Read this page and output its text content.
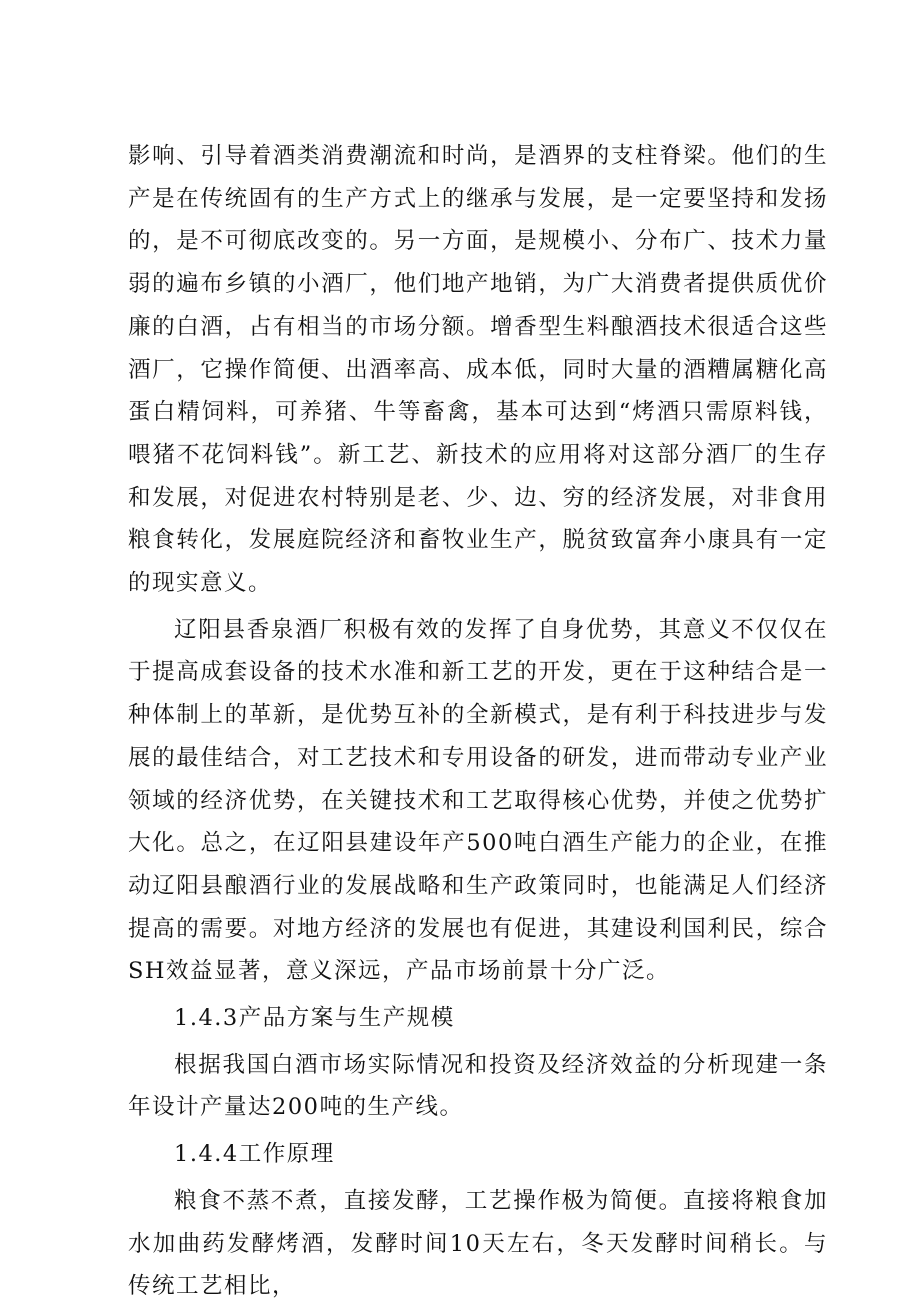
影响、引导着酒类消费潮流和时尚，是酒界的支柱脊梁。他们的生产是在传统固有的生产方式上的继承与发展，是一定要坚持和发扬的，是不可彻底改变的。另一方面，是规模小、分布广、技术力量弱的遍布乡镇的小酒厂，他们地产地销，为广大消费者提供质优价廉的白酒，占有相当的市场分额。增香型生料酿酒技术很适合这些酒厂，它操作简便、出酒率高、成本低，同时大量的酒糟属糖化高蛋白精饲料，可养猪、牛等畜禽，基本可达到“烤酒只需原料钱，喂猪不花饲料钱”。新工艺、新技术的应用将对这部分酒厂的生存和发展，对促进农村特别是老、少、边、穷的经济发展，对非食用粮食转化，发展庭院经济和畜牧业生产，脱贫致富奔小康具有一定的现实意义。

辽阳县香泉酒厂积极有效的发挥了自身优势，其意义不仅仅在于提高成套设备的技术水准和新工艺的开发，更在于这种结合是一种体制上的革新，是优势互补的全新模式，是有利于科技进步与发展的最佳结合，对工艺技术和专用设备的研发，进而带动专业产业领域的经济优势，在关键技术和工艺取得核心优势，并使之优势扩大化。总之，在辽阳县建设年产500吨白酒生产能力的企业，在推动辽阳县酿酒行业的发展战略和生产政策同时，也能满足人们经济提高的需要。对地方经济的发展也有促进，其建设利国利民，综合SH效益显著，意义深远，产品市场前景十分广泛。

1.4.3产品方案与生产规模

根据我国白酒市场实际情况和投资及经济效益的分析现建一条年设计产量达200吨的生产线。

1.4.4工作原理

粮食不蒸不煮，直接发酵，工艺操作极为简便。直接将粮食加水加曲药发酵烤酒，发酵时间10天左右，冬天发酵时间稍长。与传统工艺相比，
